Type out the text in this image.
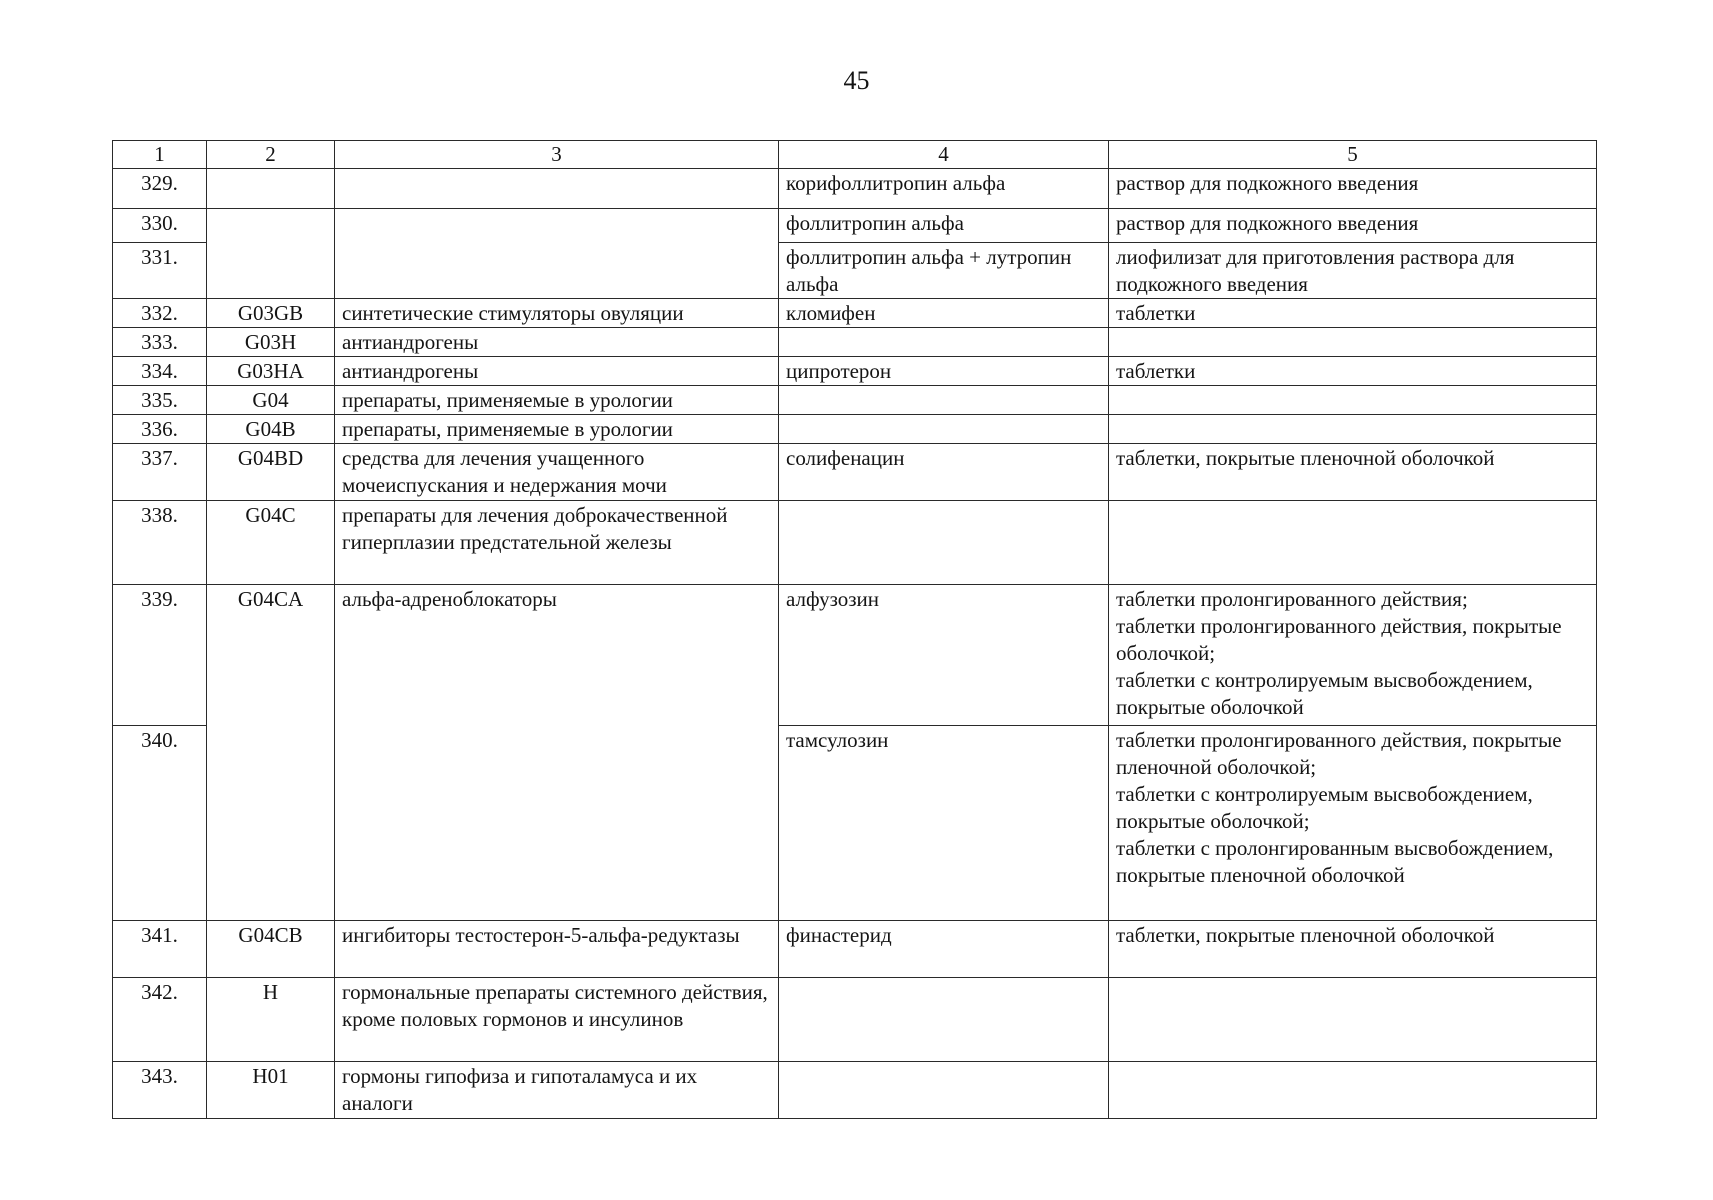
45
1	2	3	4	5
329.			корифоллитропин альфа	раствор для подкожного введения
330.			фоллитропин альфа	раствор для подкожного введения
331.			фоллитропин альфа + лутропин альфа	лиофилизат для приготовления раствора для подкожного введения
332.	G03GB	синтетические стимуляторы овуляции	кломифен	таблетки
333.	G03H	антиандрогены		
334.	G03HA	антиандрогены	ципротерон	таблетки
335.	G04	препараты, применяемые в урологии		
336.	G04B	препараты, применяемые в урологии		
337.	G04BD	средства для лечения учащенного мочеиспускания и недержания мочи	солифенацин	таблетки, покрытые пленочной оболочкой
338.	G04C	препараты для лечения доброкачественной гиперплазии предстательной железы		
339.	G04CA	альфа-адреноблокаторы	алфузозин	таблетки пролонгированного действия;
таблетки пролонгированного действия, покрытые оболочкой;
таблетки с контролируемым высвобождением, покрытые оболочкой
340.			тамсулозин	таблетки пролонгированного действия, покрытые пленочной оболочкой;
таблетки с контролируемым высвобождением, покрытые оболочкой;
таблетки с пролонгированным высвобождением, покрытые пленочной оболочкой
341.	G04CB	ингибиторы тестостерон-5-альфа-редуктазы	финастерид	таблетки, покрытые пленочной оболочкой
342.	H	гормональные препараты системного действия, кроме половых гормонов и инсулинов		
343.	H01	гормоны гипофиза и гипоталамуса и их аналоги		
